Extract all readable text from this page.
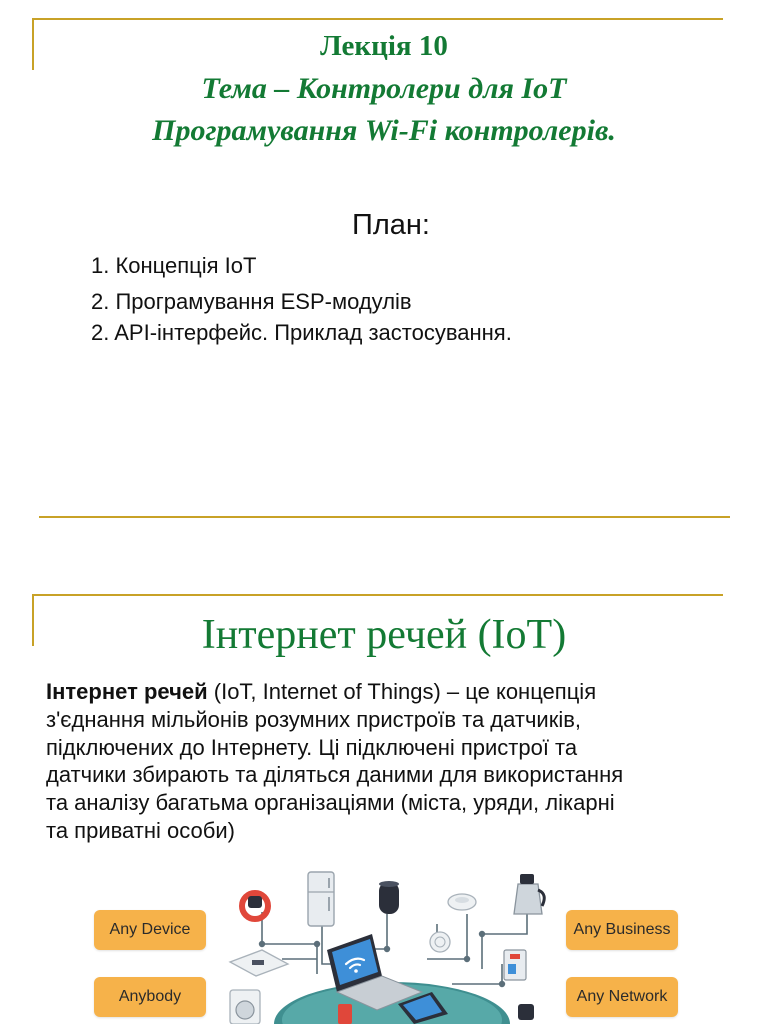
Лекція 10
Тема – Контролери для IoT
Програмування Wi-Fi контролерів.
План:
1. Концепція IoT
2. Програмування ESP-модулів
2. API-інтерфейс. Приклад застосування.
Інтернет речей (IoT)

Інтернет речей (IoT, Internet of Things) – це концепція
з'єднання мільйонів розумних пристроїв та датчиків,
підключених до Інтернету. Ці підключені пристрої та
датчики збирають та діляться даними для використання
та аналізу багатьма організаціями (міста, уряди, лікарні
та приватні особи)

Any Device
Anybody
Any Business
Any Network
